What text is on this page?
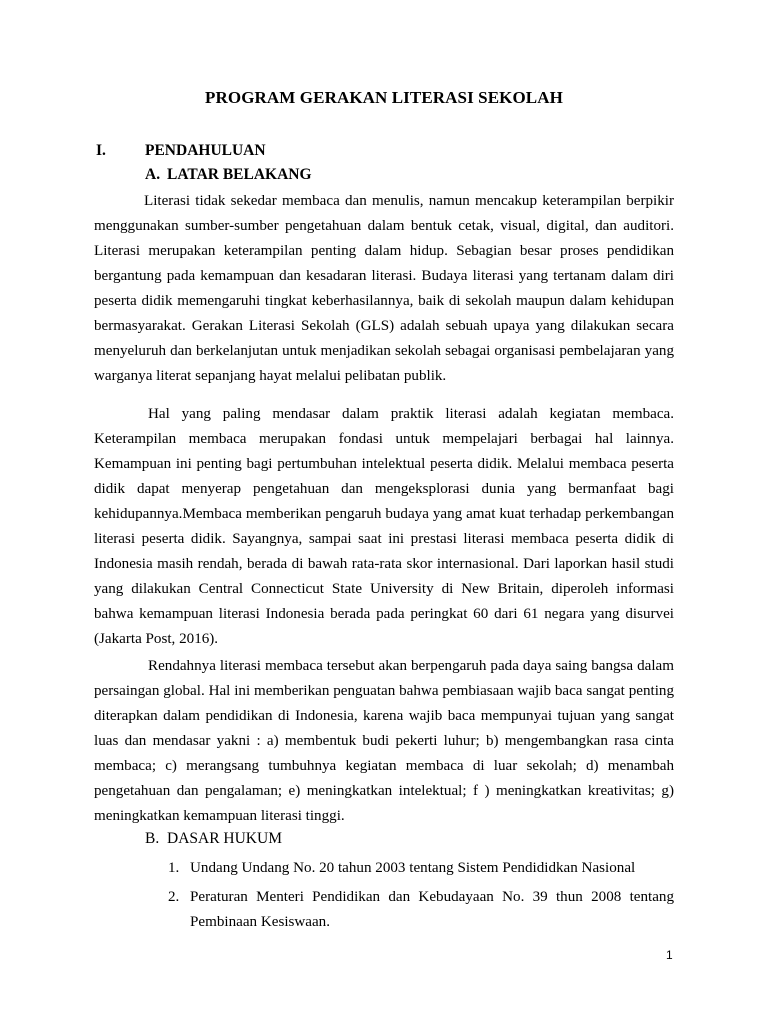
PROGRAM GERAKAN LITERASI SEKOLAH
I.	PENDAHULUAN
A. LATAR BELAKANG

Literasi tidak sekedar membaca dan menulis, namun mencakup keterampilan berpikir menggunakan sumber-sumber pengetahuan dalam bentuk cetak, visual, digital, dan auditori. Literasi merupakan keterampilan penting dalam hidup. Sebagian besar proses pendidikan bergantung pada kemampuan dan kesadaran literasi. Budaya literasi yang tertanam dalam diri peserta didik memengaruhi tingkat keberhasilannya, baik di sekolah maupun dalam kehidupan bermasyarakat. Gerakan Literasi Sekolah (GLS) adalah sebuah upaya yang dilakukan secara menyeluruh dan berkelanjutan untuk menjadikan sekolah sebagai organisasi pembelajaran yang warganya literat sepanjang hayat melalui pelibatan publik.

Hal yang paling mendasar dalam praktik literasi adalah kegiatan membaca. Keterampilan membaca merupakan fondasi untuk mempelajari berbagai hal lainnya. Kemampuan ini penting bagi pertumbuhan intelektual peserta didik. Melalui membaca peserta didik dapat menyerap pengetahuan dan mengeksplorasi dunia yang bermanfaat bagi kehidupannya.Membaca memberikan pengaruh budaya yang amat kuat terhadap perkembangan literasi peserta didik. Sayangnya, sampai saat ini prestasi literasi membaca peserta didik di Indonesia masih rendah, berada di bawah rata-rata skor internasional. Dari laporkan hasil studi yang dilakukan Central Connecticut State University di New Britain, diperoleh informasi bahwa kemampuan literasi Indonesia berada pada peringkat 60 dari 61 negara yang disurvei (Jakarta Post, 2016).

Rendahnya literasi membaca tersebut akan berpengaruh pada daya saing bangsa dalam persaingan global. Hal ini memberikan penguatan bahwa pembiasaan wajib baca sangat penting diterapkan dalam pendidikan di Indonesia, karena wajib baca mempunyai tujuan yang sangat luas dan mendasar yakni : a) membentuk budi pekerti luhur; b) mengembangkan rasa cinta membaca; c) merangsang tumbuhnya kegiatan membaca di luar sekolah; d) menambah pengetahuan dan pengalaman; e) meningkatkan intelektual; f ) meningkatkan kreativitas; g) meningkatkan kemampuan literasi tinggi.

B. DASAR HUKUM
1. Undang Undang No. 20 tahun 2003 tentang Sistem Pendididkan Nasional
2. Peraturan Menteri Pendidikan dan Kebudayaan No. 39 thun 2008 tentang Pembinaan Kesiswaan.
1
